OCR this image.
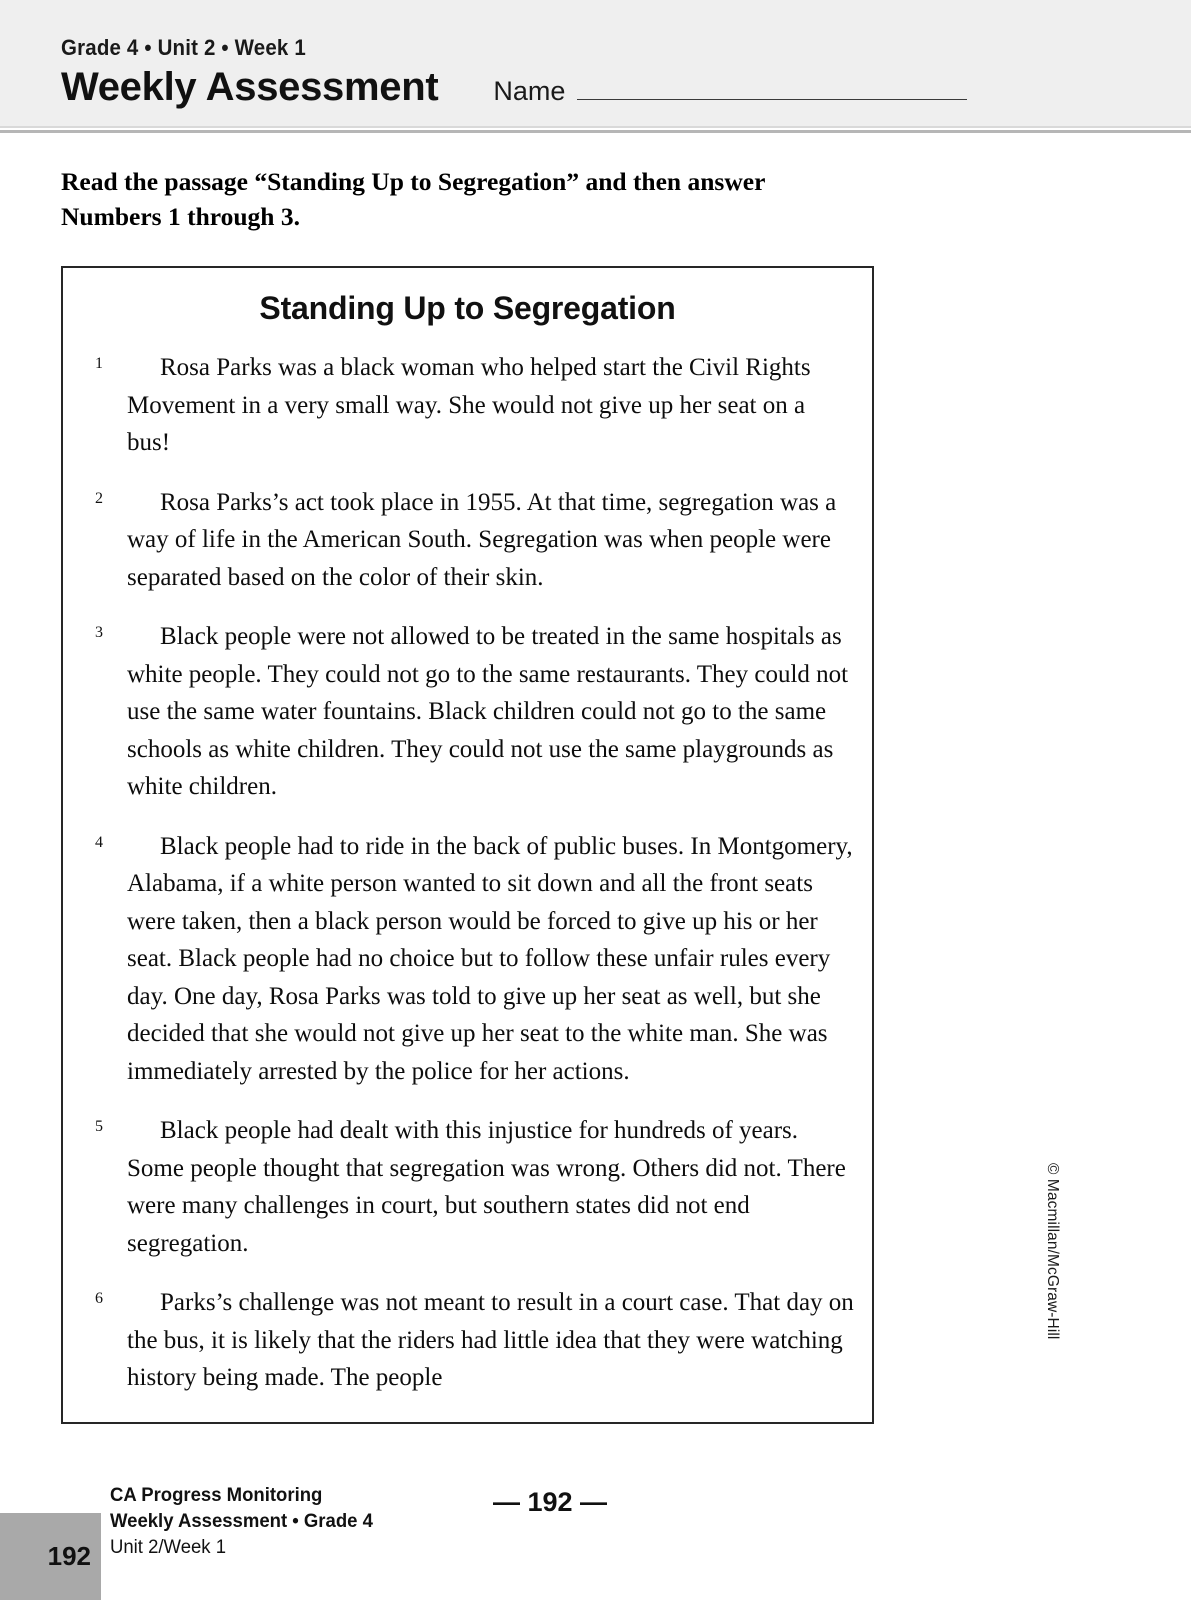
Grade 4 • Unit 2 • Week 1
Weekly Assessment Name
Read the passage “Standing Up to Segregation” and then answer Numbers 1 through 3.
Standing Up to Segregation
1	Rosa Parks was a black woman who helped start the Civil Rights Movement in a very small way. She would not give up her seat on a bus!
2	Rosa Parks’s act took place in 1955. At that time, segregation was a way of life in the American South. Segregation was when people were separated based on the color of their skin.
3	Black people were not allowed to be treated in the same hospitals as white people. They could not go to the same restaurants. They could not use the same water fountains. Black children could not go to the same schools as white children. They could not use the same playgrounds as white children.
4	Black people had to ride in the back of public buses. In Montgomery, Alabama, if a white person wanted to sit down and all the front seats were taken, then a black person would be forced to give up his or her seat. Black people had no choice but to follow these unfair rules every day. One day, Rosa Parks was told to give up her seat as well, but she decided that she would not give up her seat to the white man. She was immediately arrested by the police for her actions.
5	Black people had dealt with this injustice for hundreds of years. Some people thought that segregation was wrong. Others did not. There were many challenges in court, but southern states did not end segregation.
6	Parks’s challenge was not meant to result in a court case. That day on the bus, it is likely that the riders had little idea that they were watching history being made. The people
© Macmillan/McGraw-Hill
192
CA Progress Monitoring
Weekly Assessment • Grade 4
Unit 2/Week 1
— 192 —
